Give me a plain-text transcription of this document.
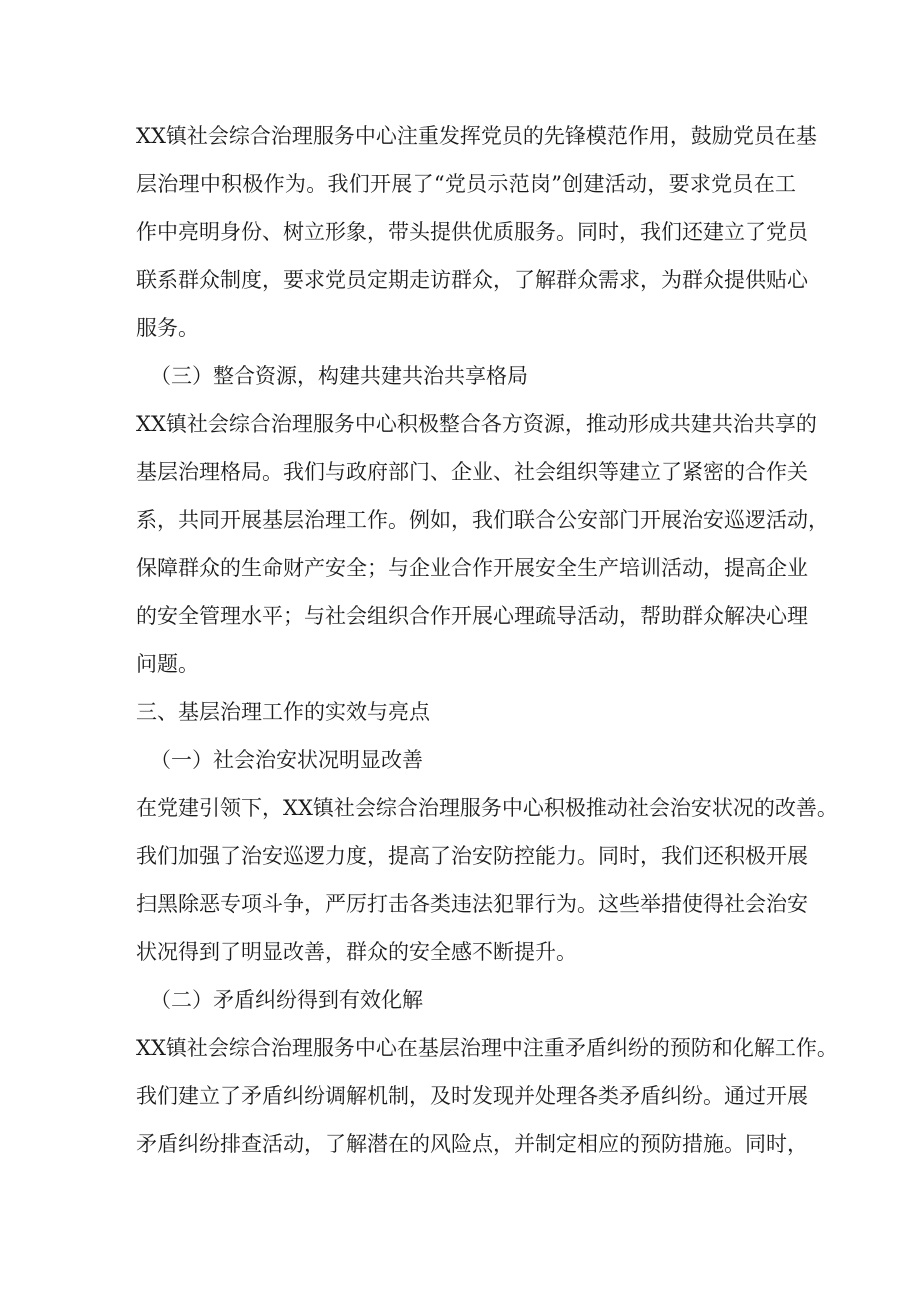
XX镇社会综合治理服务中心注重发挥党员的先锋模范作用，鼓励党员在基
层治理中积极作为。我们开展了“党员示范岗”创建活动，要求党员在工
作中亮明身份、树立形象，带头提供优质服务。同时，我们还建立了党员
联系群众制度，要求党员定期走访群众，了解群众需求，为群众提供贴心
服务。
（三）整合资源，构建共建共治共享格局
XX镇社会综合治理服务中心积极整合各方资源，推动形成共建共治共享的
基层治理格局。我们与政府部门、企业、社会组织等建立了紧密的合作关
系，共同开展基层治理工作。例如，我们联合公安部门开展治安巡逻活动，
保障群众的生命财产安全；与企业合作开展安全生产培训活动，提高企业
的安全管理水平；与社会组织合作开展心理疏导活动，帮助群众解决心理
问题。
三、基层治理工作的实效与亮点
（一）社会治安状况明显改善
在党建引领下，XX镇社会综合治理服务中心积极推动社会治安状况的改善。
我们加强了治安巡逻力度，提高了治安防控能力。同时，我们还积极开展
扫黑除恶专项斗争，严厉打击各类违法犯罪行为。这些举措使得社会治安
状况得到了明显改善，群众的安全感不断提升。
（二）矛盾纠纷得到有效化解
XX镇社会综合治理服务中心在基层治理中注重矛盾纠纷的预防和化解工作。
我们建立了矛盾纠纷调解机制，及时发现并处理各类矛盾纠纷。通过开展
矛盾纠纷排查活动，了解潜在的风险点，并制定相应的预防措施。同时，
